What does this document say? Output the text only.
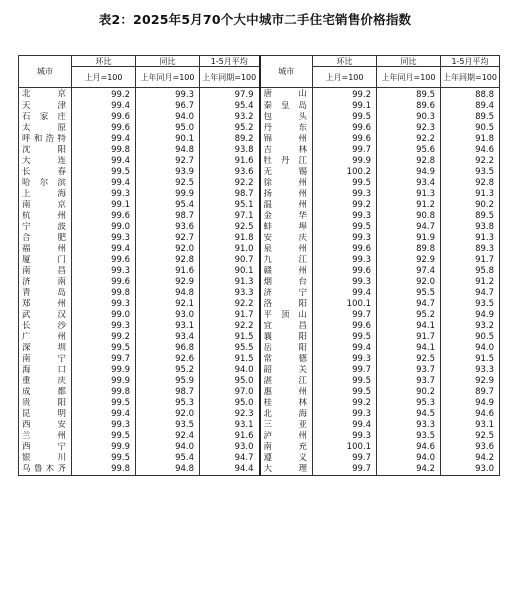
表2：2025年5月70个大中城市二手住宅销售价格指数
城市	环比	同比	1-5月平均	城市	环比	同比	1-5月平均
	上月=100	上年同月=100	上年同期=100		上月=100	上年同月=100	上年同期=100
北京	99.2	99.3	97.9	唐山	99.2	89.5	88.8
天津	99.4	96.7	95.4	秦皇岛	99.1	89.6	89.4
石家庄	99.6	94.0	93.2	包头	99.5	90.3	89.5
太原	99.6	95.0	95.2	丹东	99.6	92.3	90.5
呼和浩特	99.4	90.1	89.2	锦州	99.6	92.2	91.8
沈阳	99.8	94.8	93.8	吉林	99.7	95.6	94.6
大连	99.4	92.7	91.6	牡丹江	99.9	92.8	92.2
长春	99.5	93.9	93.6	无锡	100.2	94.9	93.5
哈尔滨	99.4	92.5	92.2	徐州	99.5	93.4	92.8
上海	99.3	99.9	98.7	扬州	99.3	91.3	91.3
南京	99.1	95.4	95.1	温州	99.2	91.2	90.2
杭州	99.6	98.7	97.1	金华	99.3	90.8	89.5
宁波	99.0	93.6	92.5	蚌埠	99.5	94.7	93.8
合肥	99.3	92.7	91.8	安庆	99.3	91.9	91.3
福州	99.4	92.0	91.0	泉州	99.6	89.8	89.3
厦门	99.6	92.8	90.7	九江	99.3	92.9	91.7
南昌	99.3	91.6	90.1	赣州	99.6	97.4	95.8
济南	99.6	92.9	91.3	烟台	99.3	92.0	91.2
青岛	99.8	94.8	93.3	济宁	99.4	95.5	94.7
郑州	99.3	92.1	92.2	洛阳	100.1	94.7	93.5
武汉	99.0	93.0	91.7	平顶山	99.7	95.2	94.9
长沙	99.3	93.1	92.2	宜昌	99.6	94.1	93.2
广州	99.2	93.4	91.5	襄阳	99.5	91.7	90.5
深圳	99.5	96.8	95.5	岳阳	99.4	94.1	94.0
南宁	99.7	92.6	91.5	常德	99.3	92.5	91.5
海口	99.9	95.2	94.0	韶关	99.7	93.7	93.3
重庆	99.9	95.9	95.0	湛江	99.5	93.7	92.9
成都	99.8	98.7	97.0	惠州	99.5	90.2	89.7
贵阳	99.5	95.3	95.0	桂林	99.2	95.3	94.9
昆明	99.4	92.0	92.3	北海	99.3	94.5	94.6
西安	99.3	93.5	93.1	三亚	99.4	93.3	93.1
兰州	99.5	92.4	91.6	泸州	99.3	93.5	92.5
西宁	99.9	94.0	93.0	南充	100.1	94.6	93.6
银川	99.5	95.4	94.7	遵义	99.7	94.0	94.2
乌鲁木齐	99.8	94.8	94.4	大理	99.7	94.2	93.0
